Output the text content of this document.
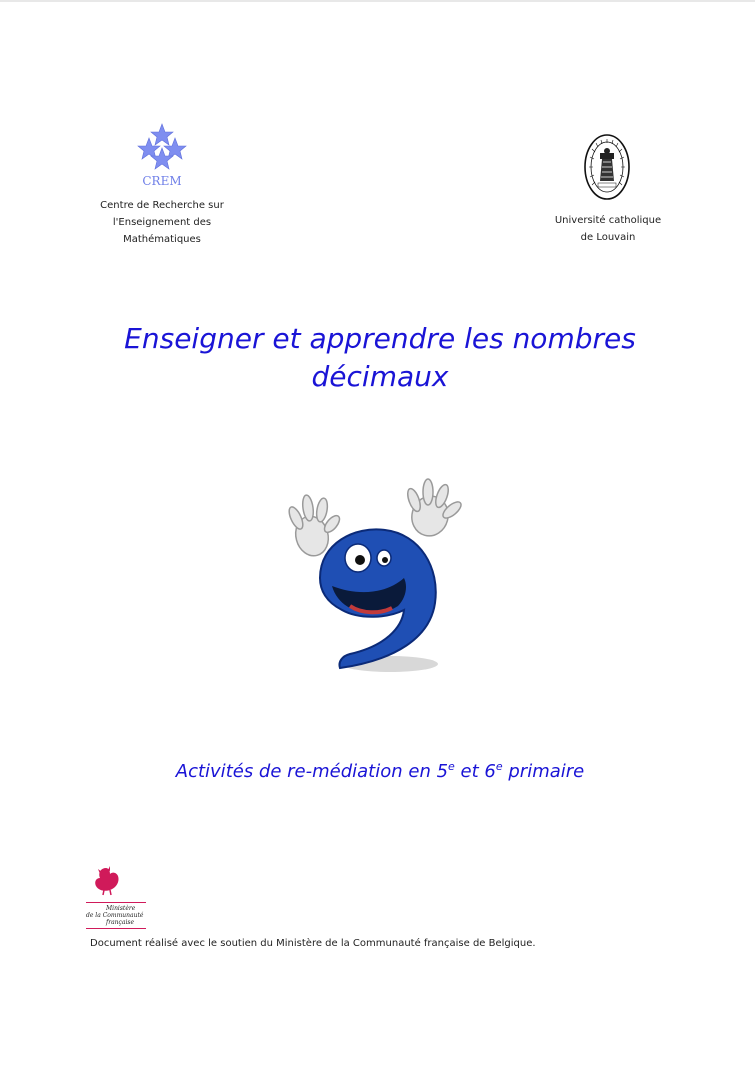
CREM
Centre de Recherche sur
l'Enseignement des
Mathématiques
Université catholique
de Louvain
Enseigner et apprendre les nombres
décimaux
Activités de re-médiation en 5e et 6e primaire
Ministère
de la Communauté
française
Document réalisé avec le soutien du Ministère de la Communauté française de Belgique.
